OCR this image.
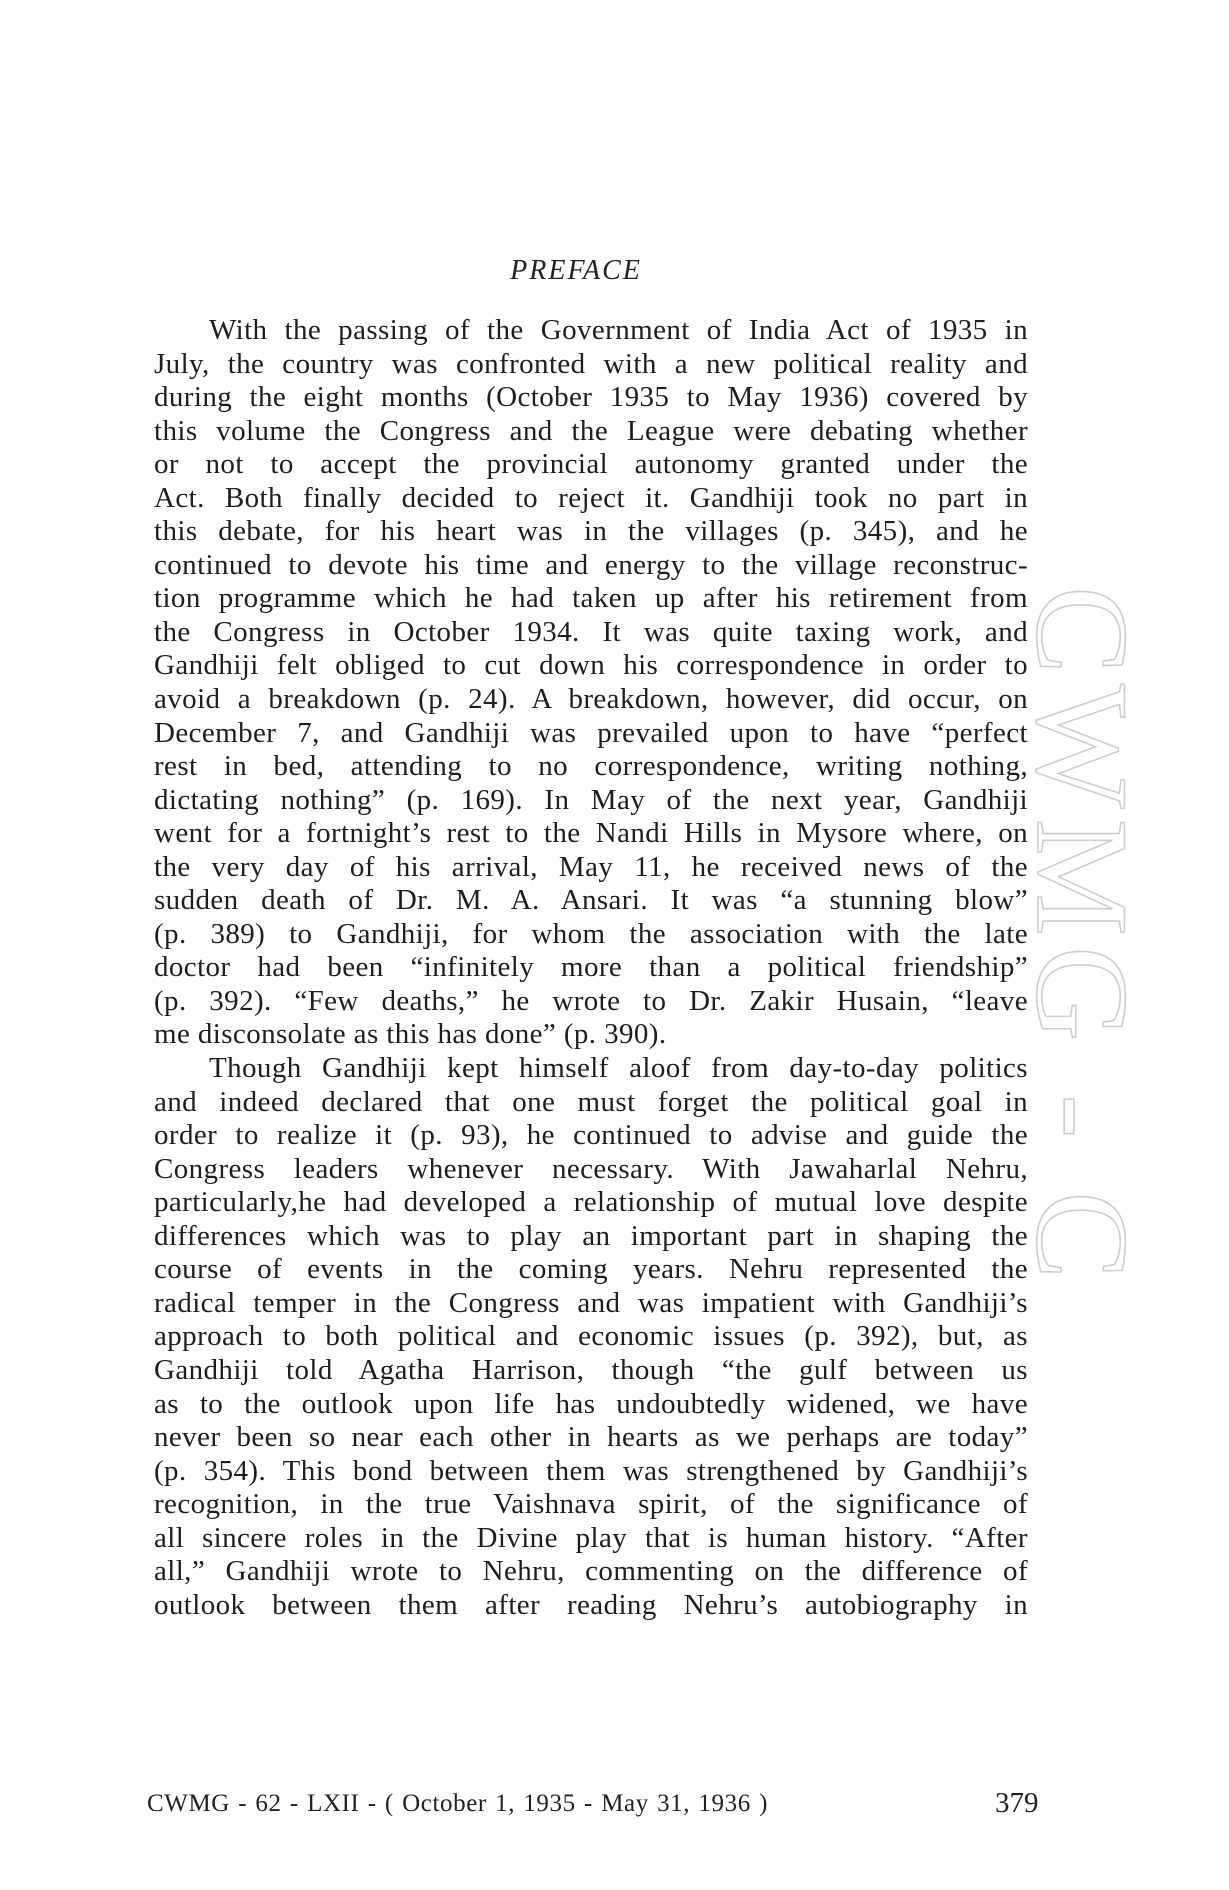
CWMG - C
PREFACE
With the passing of the Government of India Act of 1935 in
July, the country was confronted with a new political reality and
during the eight months (October 1935 to May 1936) covered by
this volume the Congress and the League were debating whether
or not to accept the provincial autonomy granted under the
Act. Both finally decided to reject it. Gandhiji took no part in
this debate, for his heart was in the villages (p. 345), and he
continued to devote his time and energy to the village reconstruc-
tion programme which he had taken up after his retirement from
the Congress in October 1934. It was quite taxing work, and
Gandhiji felt obliged to cut down his correspondence in order to
avoid a breakdown (p. 24). A breakdown, however, did occur, on
December 7, and Gandhiji was prevailed upon to have “perfect
rest in bed, attending to no correspondence, writing nothing,
dictating nothing” (p. 169). In May of the next year, Gandhiji
went for a fortnight’s rest to the Nandi Hills in Mysore where, on
the very day of his arrival, May 11, he received news of the
sudden death of Dr. M. A. Ansari. It was “a stunning blow”
(p. 389) to Gandhiji, for whom the association with the late
doctor had been “infinitely more than a political friendship”
(p. 392). “Few deaths,” he wrote to Dr. Zakir Husain, “leave
me disconsolate as this has done” (p. 390).
Though Gandhiji kept himself aloof from day-to-day politics
and indeed declared that one must forget the political goal in
order to realize it (p. 93), he continued to advise and guide the
Congress leaders whenever necessary. With Jawaharlal Nehru,
particularly,he had developed a relationship of mutual love despite
differences which was to play an important part in shaping the
course of events in the coming years. Nehru represented the
radical temper in the Congress and was impatient with Gandhiji’s
approach to both political and economic issues (p. 392), but, as
Gandhiji told Agatha Harrison, though “the gulf between us
as to the outlook upon life has undoubtedly widened, we have
never been so near each other in hearts as we perhaps are today”
(p. 354). This bond between them was strengthened by Gandhiji’s
recognition, in the true Vaishnava spirit, of the significance of
all sincere roles in the Divine play that is human history. “After
all,” Gandhiji wrote to Nehru, commenting on the difference of
outlook between them after reading Nehru’s autobiography in
CWMG - 62 - LXII - ( October 1, 1935 - May 31, 1936 )	379
